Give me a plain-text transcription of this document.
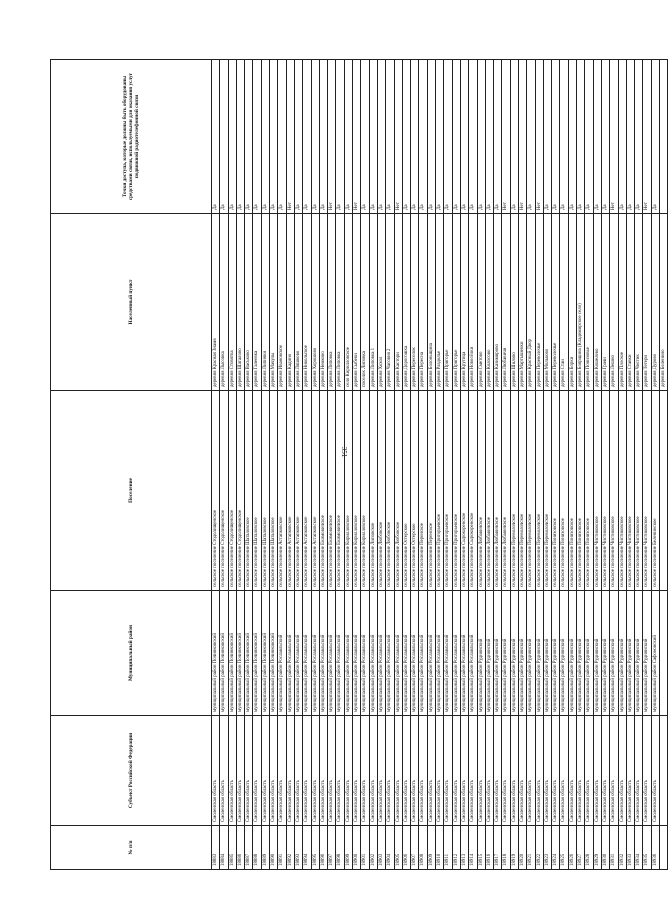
351
№ п/п	Субъект Российской Федерации	Муниципальный район	Поселение	Населенный пункт	Точки доступа, которые должны быть оборудованы средствами связи, используемыми для оказания услуг подвижной радиотелефонной связи
18883	Смоленская область	муниципальный район Починковский	сельское поселение Стодолищенское	деревня Красная Знамя	Да
18884	Смоленская область	муниципальный район Починковский	сельское поселение Стодолищенское	деревня Лысовка	Да
18885	Смоленская область	муниципальный район Починковский	сельское поселение Стодолищенское	деревня Стовятка	Да
18886	Смоленская область	муниципальный район Починковский	сельское поселение Стодолищенское	деревня Шаталово	Да
18887	Смоленская область	муниципальный район Починковский	сельское поселение Шаталовское	деревня Васьково	Да
18888	Смоленская область	муниципальный район Починковский	сельское поселение Шаталовское	деревня Галеевка	Да
18889	Смоленская область	муниципальный район Починковский	сельское поселение Шаталовское	деревня Липняки	Да
18890	Смоленская область	муниципальный район Починковский	сельское поселение Шаталовское	деревня Мачулы	Да
18891	Смоленская область	муниципальный район Рославльский	сельское поселение Астапковское	деревня Ивановское	Да
18892	Смоленская область	муниципальный район Рославльский	сельское поселение Астапковское	деревня Кадино	Нет
18893	Смоленская область	муниципальный район Рославльский	сельское поселение Астапковское	деревня Ляшково	Да
18894	Смоленская область	муниципальный район Рославльский	сельское поселение Астапковское	деревня Никольское	Да
18895	Смоленская область	муниципальный район Рославльский	сельское поселение Астапковское	деревня Хорошово	Да
18896	Смоленская область	муниципальный район Рославльский	сельское поселение Екимовичское	деревня Немково	Да
18897	Смоленская область	муниципальный район Рославльский	сельское поселение Екимовичское	деревня Липовка	Нет
18898	Смоленская область	муниципальный район Рославльский	сельское поселение Екимовичское	деревня Липовка	Да
18899	Смоленская область	муниципальный район Рославльский	сельское поселение Кирилловское	село Кирилловское	Да
18900	Смоленская область	муниципальный район Рославльский	сельское поселение Кирилловское	деревня Сыбеки	Нет
18901	Смоленская область	муниципальный район Рославльский	сельское поселение Кирилловское	поселок Липовка	Да
18902	Смоленская область	муниципальный район Рославльский	сельское поселение Липовское	деревня Липовка 1	Да
18903	Смоленская область	муниципальный район Рославльский	сельское поселение Любовское	деревня Хохол	Да
18904	Смоленская область	муниципальный район Рославльский	сельское поселение Любовское	деревня Часовня 2	Да
18905	Смоленская область	муниципальный район Рославльский	сельское поселение Любовское	деревня Кастори	Нет
18906	Смоленская область	муниципальный район Рославльский	сельское поселение Остерское	деревня Дорогошка	Да
18907	Смоленская область	муниципальный район Рославльский	сельское поселение Остерское	деревня Переселок	Да
18908	Смоленская область	муниципальный район Рославльский	сельское поселение Перенское	деревня Пересна	Да
18909	Смоленская область	муниципальный район Рославльский	сельское поселение Перенское	деревня Болоньщина	Да
18910	Смоленская область	муниципальный район Рославльский	сельское поселение Пригорьевское	деревня Раздолье	Да
18911	Смоленская область	муниципальный район Рославльский	сельское поселение Пригорьевское	деревня Пригорье	Да
18912	Смоленская область	муниципальный район Рославльский	сельское поселение Пригорьевское	деревня Пригорье	Да
18913	Смоленская область	муниципальный район Рославльский	сельское поселение Сырокоренское	деревня Крутица	Да
18914	Смоленская область	муниципальный район Рославльский	сельское поселение Сырокоренское	деревня Новосёлки	Да
18915	Смоленская область	муниципальный район Руднянский	сельское поселение Любавичское	деревня Сметово	Да
18916	Смоленская область	муниципальный район Руднянский	сельское поселение Любавичское	деревня Колосово	Да
18917	Смоленская область	муниципальный район Руднянский	сельское поселение Любавичское	деревня Казимирово	Да
18918	Смоленская область	муниципальный район Руднянский	сельское поселение Любавичское	деревня Любавичи	Нет
18919	Смоленская область	муниципальный район Руднянский	сельское поселение Переволочское	деревня Шилово	Да
18920	Смоленская область	муниципальный район Руднянский	сельское поселение Переволочское	деревня Мартышенки	Нет
18921	Смоленская область	муниципальный район Руднянский	сельское поселение Переволочское	деревня Красный Двор	Да
18922	Смоленская область	муниципальный район Руднянский	сельское поселение Переволочское	деревня Переволочье	Нет
18923	Смоленская область	муниципальный район Руднянский	сельское поселение Переволочское	деревня Мольково	Да
18924	Смоленская область	муниципальный район Руднянский	сельское поселение Понизовское	деревня Переволочье	Да
18925	Смоленская область	муниципальный район Руднянский	сельское поселение Понизовское	деревня Стаи	Да
18926	Смоленская область	муниципальный район Руднянский	сельское поселение Понизовское	деревня Борки	Да
18927	Смоленская область	муниципальный район Руднянский	сельское поселение Понизовское	деревня Боярщина (Кладимирское село)	Да
18928	Смоленская область	муниципальный район Руднянский	сельское поселение Понизовское	деревня Понизовье	Да
18929	Смоленская область	муниципальный район Руднянский	сельское поселение Чистиковское	деревня Кошелево	Да
18930	Смоленская область	муниципальный район Руднянский	сельское поселение Чистиковское	деревня Грачи	Да
18931	Смоленская область	муниципальный район Руднянский	сельское поселение Чистиковское	деревня Лешно	Нет
18932	Смоленская область	муниципальный район Руднянский	сельское поселение Чистиковское	деревня Плоское	Да
18933	Смоленская область	муниципальный район Руднянский	сельское поселение Чистиковское	деревня Ставки	Да
18934	Смоленская область	муниципальный район Руднянский	сельское поселение Чистиковское	деревня Чистик	Да
18935	Смоленская область	муниципальный район Руднянский	сельское поселение Чистиковское	деревня Тетери	Нет
18936	Смоленская область	муниципальный район Сафоновский	сельское поселение Беленинское	деревня Дурово	Да
				деревня Беленино	
